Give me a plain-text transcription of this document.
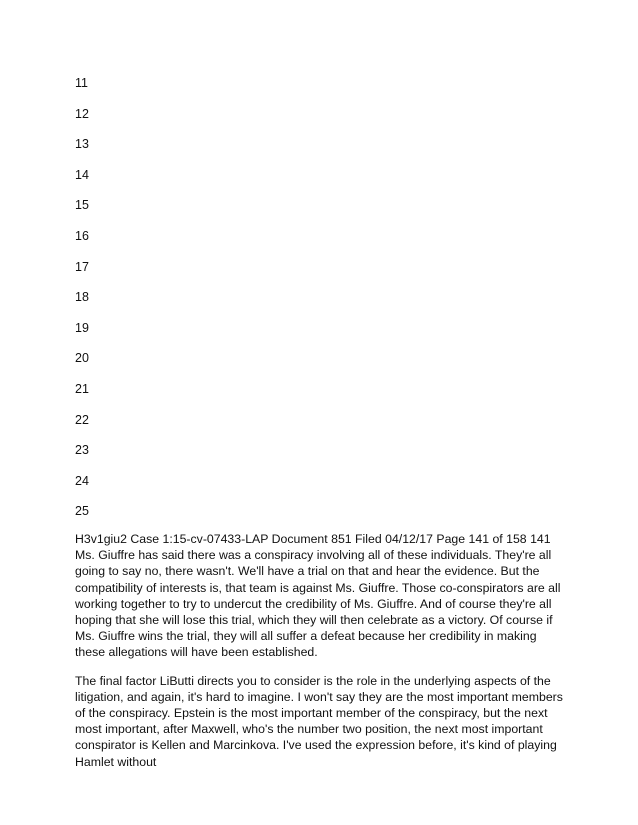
11
12
13
14
15
16
17
18
19
20
21
22
23
24
25

H3v1giu2 Case 1:15-cv-07433-LAP Document 851 Filed 04/12/17 Page 141 of 158 141 Ms. Giuffre has said there was a conspiracy involving all of these individuals. They're all going to say no, there wasn't. We'll have a trial on that and hear the evidence. But the compatibility of interests is, that team is against Ms. Giuffre. Those co-conspirators are all working together to try to undercut the credibility of Ms. Giuffre. And of course they're all hoping that she will lose this trial, which they will then celebrate as a victory. Of course if Ms. Giuffre wins the trial, they will all suffer a defeat because her credibility in making these allegations will have been established.

The final factor LiButti directs you to consider is the role in the underlying aspects of the litigation, and again, it's hard to imagine. I won't say they are the most important members of the conspiracy. Epstein is the most important member of the conspiracy, but the next most important, after Maxwell, who's the number two position, the next most important conspirator is Kellen and Marcinkova. I've used the expression before, it's kind of playing Hamlet without
